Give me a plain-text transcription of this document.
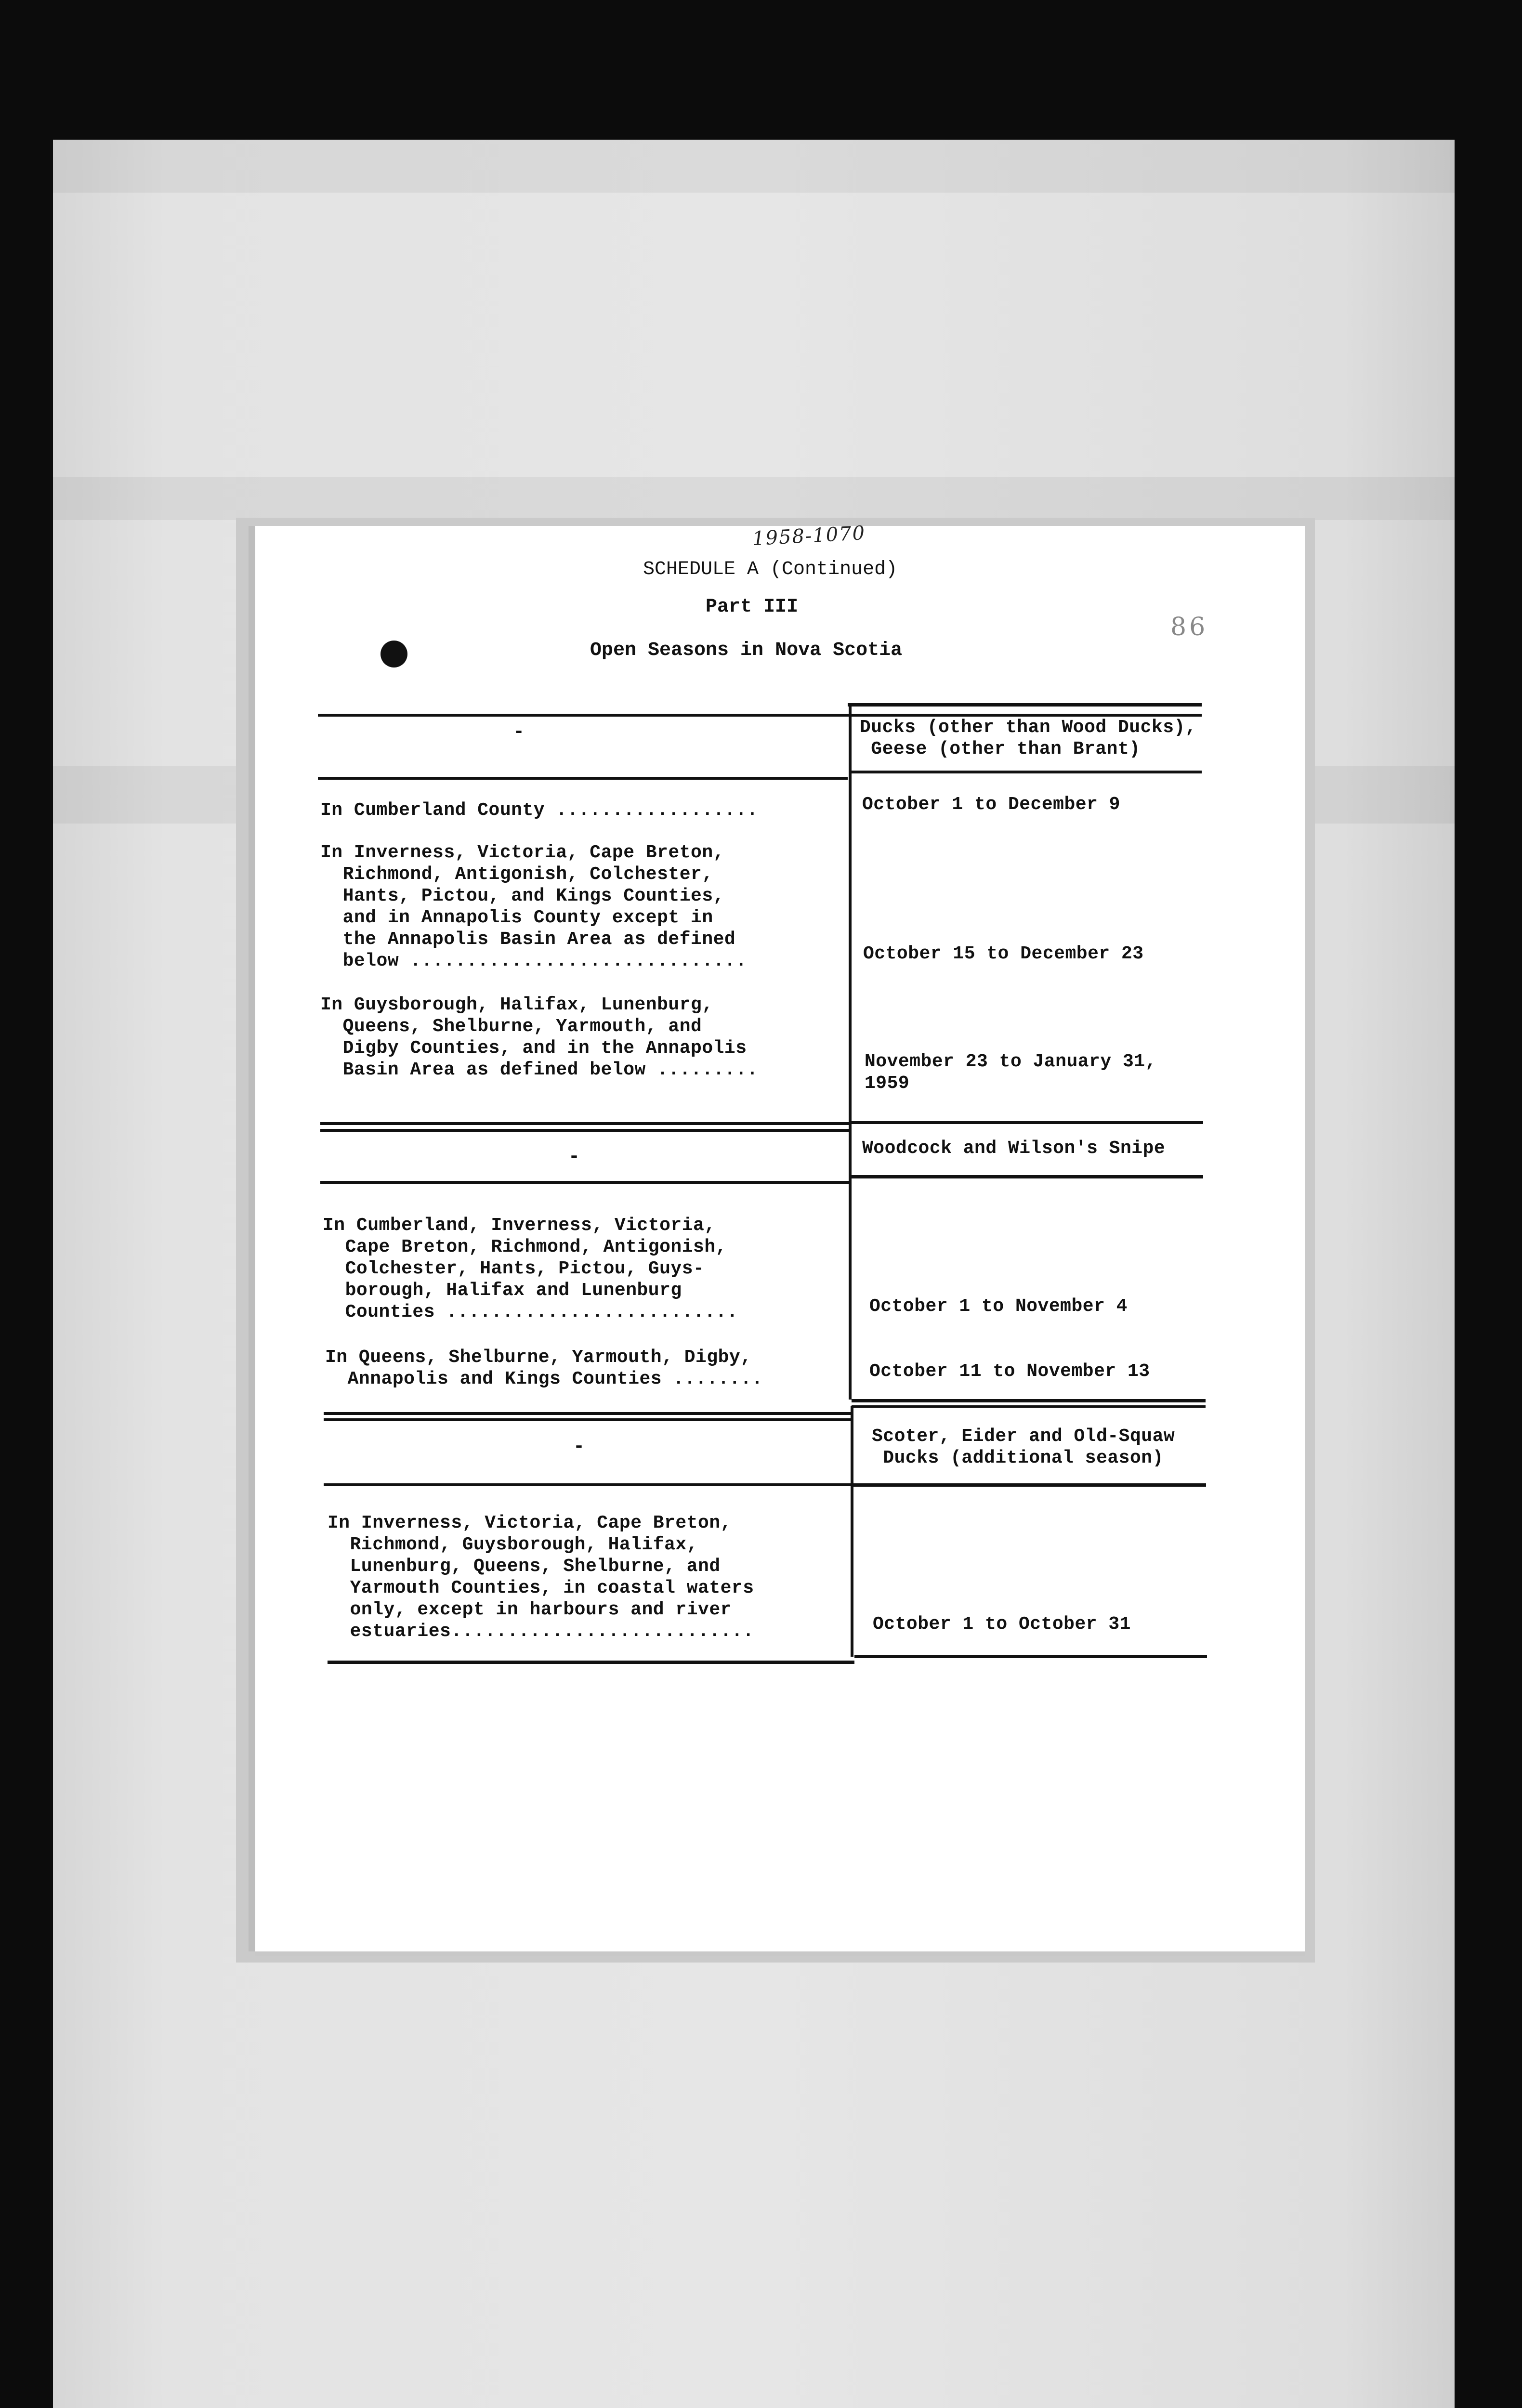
1958-1070
86
SCHEDULE A (Continued)
Part III
Open Seasons in Nova Scotia
-	Ducks (other than Wood Ducks),
Geese (other than Brant)
In Cumberland County ..................	October 1 to December 9
In Inverness, Victoria, Cape Breton,
Richmond, Antigonish, Colchester,
Hants, Pictou, and Kings Counties,
and in Annapolis County except in
the Annapolis Basin Area as defined
below ..............................	October 15 to December 23
In Guysborough, Halifax, Lunenburg,
Queens, Shelburne, Yarmouth, and
Digby Counties, and in the Annapolis
Basin Area as defined below .........	November 23 to January 31,
1959
-	Woodcock and Wilson's Snipe
In Cumberland, Inverness, Victoria,
Cape Breton, Richmond, Antigonish,
Colchester, Hants, Pictou, Guys-
borough, Halifax and Lunenburg
Counties ..........................	October 1 to November 4
In Queens, Shelburne, Yarmouth, Digby,
Annapolis and Kings Counties ........	October 11 to November 13
-	Scoter, Eider and Old-Squaw
Ducks (additional season)
In Inverness, Victoria, Cape Breton,
Richmond, Guysborough, Halifax,
Lunenburg, Queens, Shelburne, and
Yarmouth Counties, in coastal waters
only, except in harbours and river
estuaries...........................	October 1 to October 31
